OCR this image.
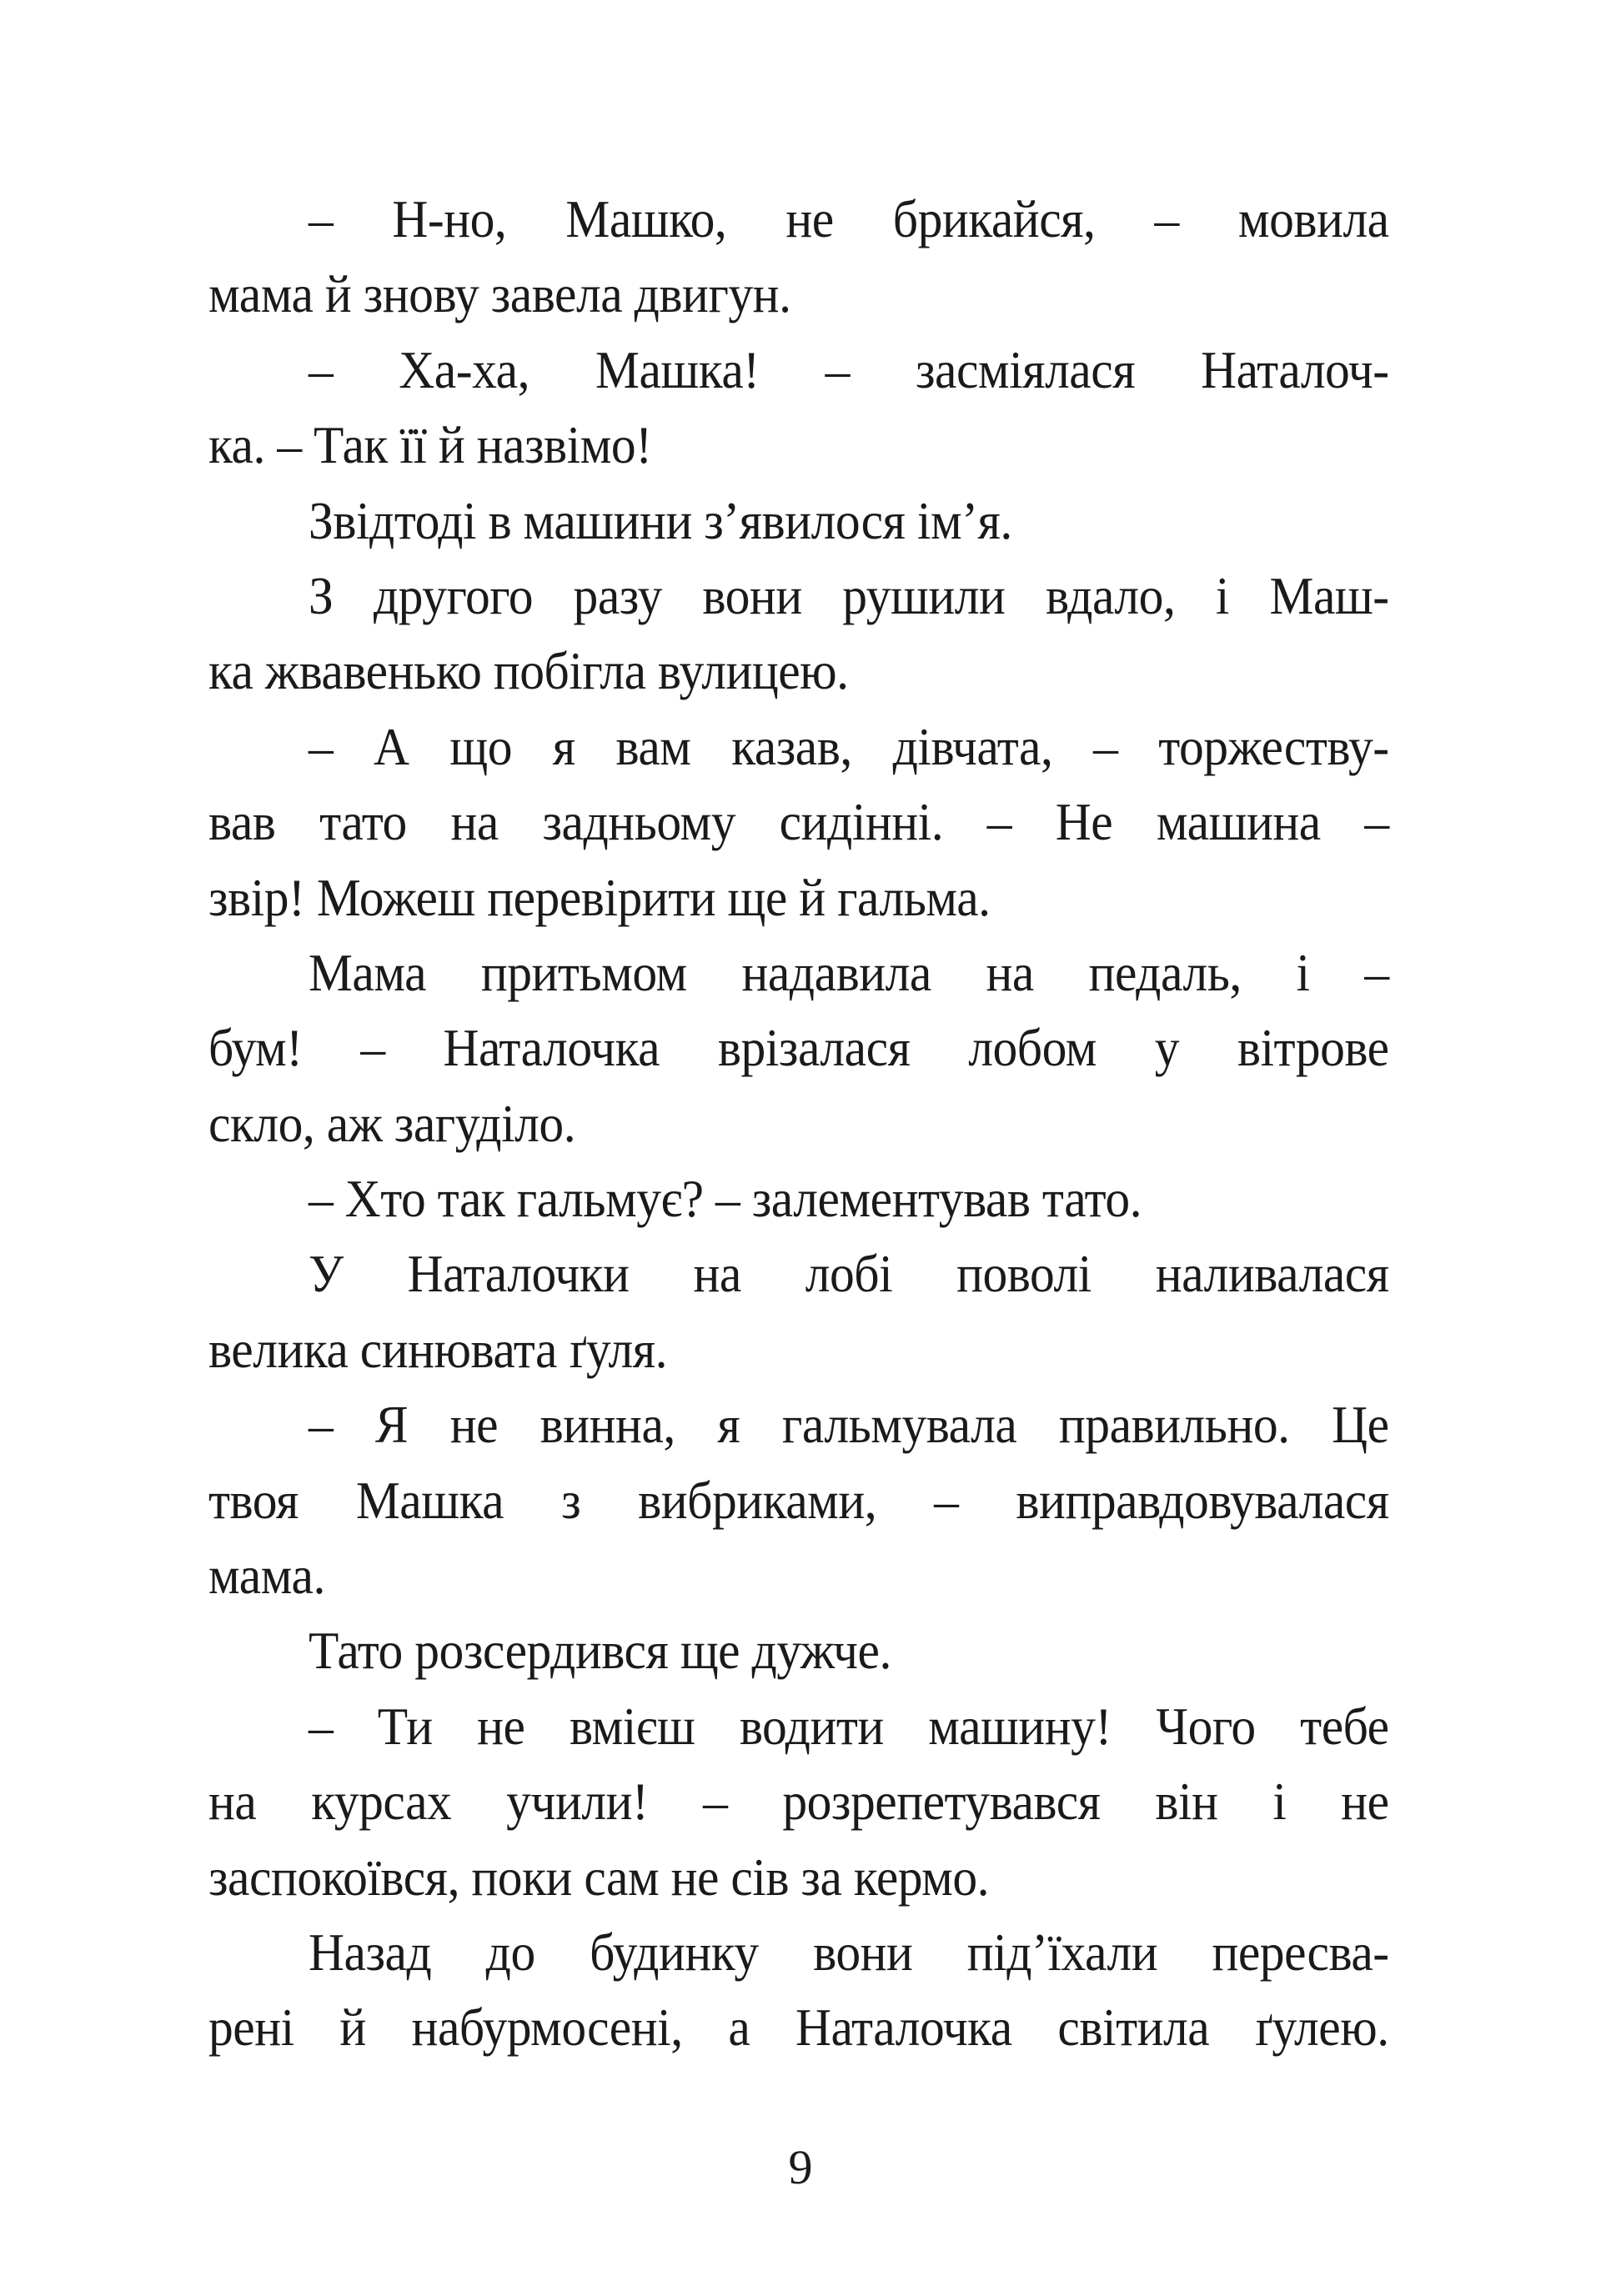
– Н-но, Машко, не брикайся, – мовила
мама й знову завела двигун.
– Ха-ха, Машка! – засміялася Наталоч-
ка. – Так її й назвімо!
Звідтоді в машини з’явилося ім’я.
З другого разу вони рушили вдало, і Маш-
ка жвавенько побігла вулицею.
– А що я вам казав, дівчата, – торжеству-
вав тато на задньому сидінні. – Не машина –
звір! Можеш перевірити ще й гальма.
Мама притьмом надавила на педаль, і –
бум! – Наталочка врізалася лобом у вітрове
скло, аж загуділо.
– Хто так гальмує? – залементував тато.
У Наталочки на лобі поволі наливалася
велика синювата ґуля.
– Я не винна, я гальмувала правильно. Це
твоя Машка з вибриками, – виправдовувалася
мама.
Тато розсердився ще дужче.
– Ти не вмієш водити машину! Чого тебе
на курсах учили! – розрепетувався він і не
заспокоївся, поки сам не сів за кермо.
Назад до будинку вони під’їхали пересва-
рені й набурмосені, а Наталочка світила ґулею.
9
